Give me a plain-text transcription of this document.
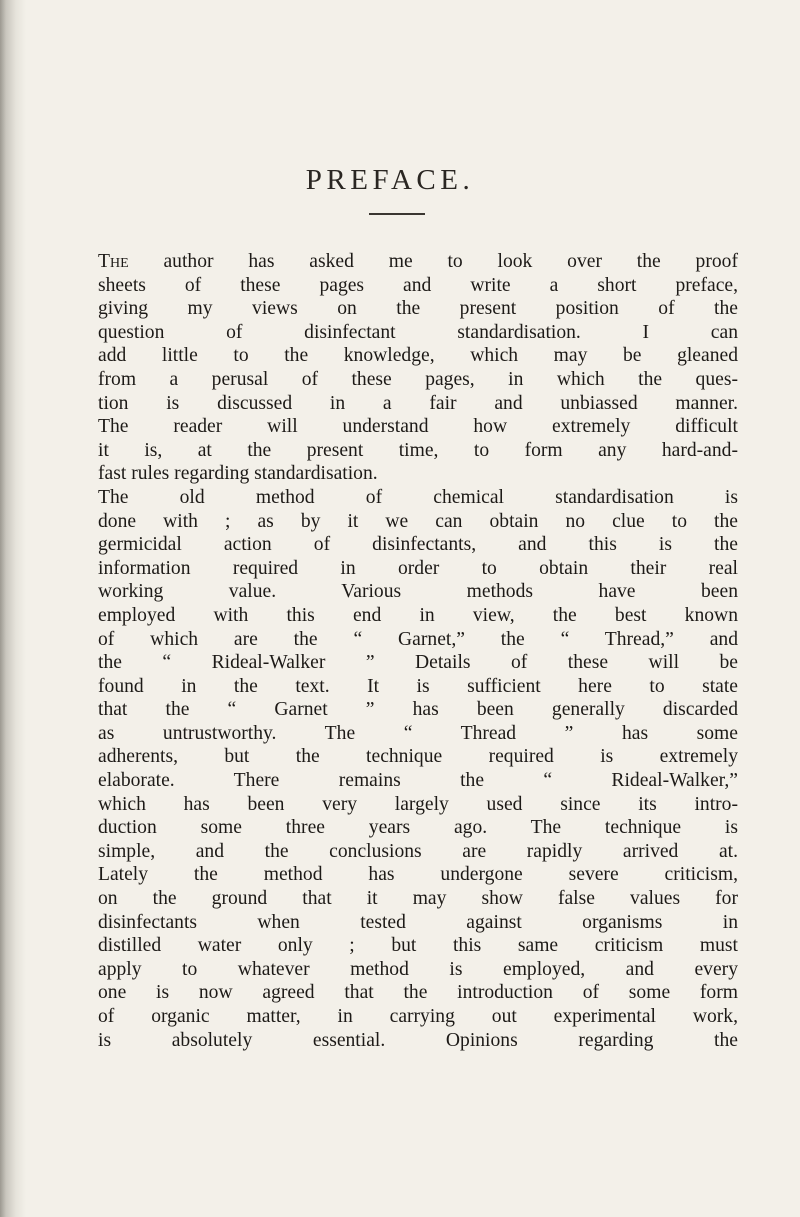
PREFACE.
The author has asked me to look over the proof
sheets of these pages and write a short preface,
giving my views on the present position of the
question of disinfectant standardisation. I can
add little to the knowledge, which may be gleaned
from a perusal of these pages, in which the ques-
tion is discussed in a fair and unbiassed manner.
The reader will understand how extremely difficult
it is, at the present time, to form any hard-and-
fast rules regarding standardisation.
The old method of chemical standardisation is
done with ; as by it we can obtain no clue to the
germicidal action of disinfectants, and this is the
information required in order to obtain their real
working value. Various methods have been
employed with this end in view, the best known
of which are the “ Garnet,” the “ Thread,” and
the “ Rideal-Walker ” Details of these will be
found in the text. It is sufficient here to state
that the “ Garnet ” has been generally discarded
as untrustworthy. The “ Thread ” has some
adherents, but the technique required is extremely
elaborate. There remains the “ Rideal-Walker,”
which has been very largely used since its intro-
duction some three years ago. The technique is
simple, and the conclusions are rapidly arrived at.
Lately the method has undergone severe criticism,
on the ground that it may show false values for
disinfectants when tested against organisms in
distilled water only ; but this same criticism must
apply to whatever method is employed, and every
one is now agreed that the introduction of some form
of organic matter, in carrying out experimental work,
is absolutely essential. Opinions regarding the
